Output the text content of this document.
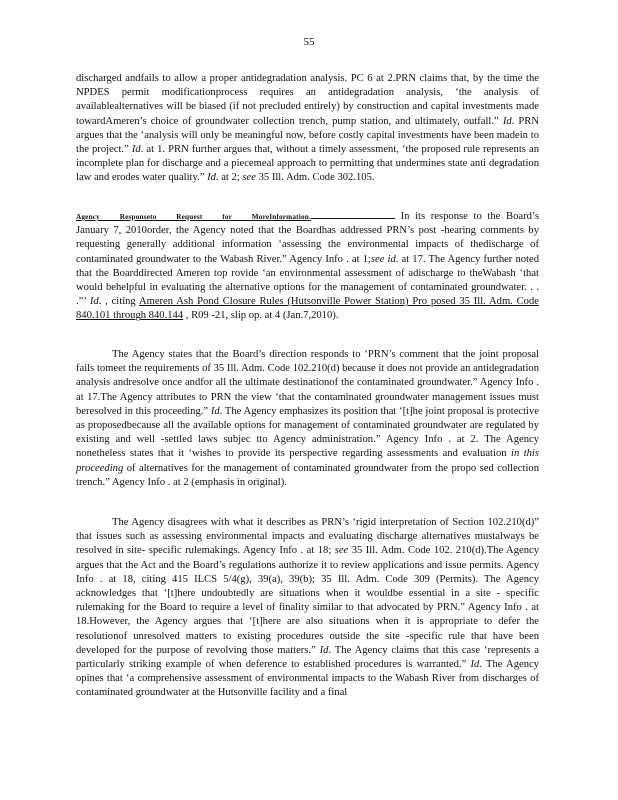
55

discharged andfails to allow a proper antidegradation analysis. PC 6 at 2.PRN claims that, by the time the NPDES permit modificationprocess requires an antidegradation analysis, ‘the analysis of availablealternatives will be biased (if not precluded entirely) by construction and capital investments made towardAmeren’s choice of groundwater collection trench, pump station, and ultimately, outfall.” Id. PRN argues that the ‘analysis will only be meaningful now, before costly capital investments have been madein to the project.” Id. at 1. PRN further argues that, without a timely assessment, ‘the proposed rule represents an incomplete plan for discharge and a piecemeal approach to permitting that undermines state anti degradation law and erodes water quality.” Id. at 2; see 35 Ill. Adm. Code 302.105.

Agency   Responseto   Request   for   MoreInformation.	In its response to the Board’s January 7, 2010order, the Agency noted that the Boardhas addressed PRN’s post -hearing comments by requesting generally additional information ‘assessing the environmental impacts of thedischarge of contaminated groundwater to the Wabash River.” Agency Info . at 1;see id. at 17. The Agency further noted that the Boarddirected Ameren top rovide ‘an environmental assessment of adischarge to theWabash ‘that would behelpful in evaluating the alternative options for the management of contaminated groundwater. . . .”’ Id. , citing Ameren Ash Pond Closure Rules (Hutsonville Power Station) Pro posed 35 Ill. Adm. Code 840.101 through 840.144 , R09 -21, slip op. at 4 (Jan.7,2010).

The Agency states that the Board’s direction responds to ‘PRN’s comment that the joint proposal fails tomeet the requirements of 35 Ill. Adm. Code 102.210(d) because it does not provide an antidegradation analysis andresolve once andfor all the ultimate destinationof the contaminated groundwater.” Agency Info . at 17.The Agency attributes to PRN the view ‘that the contaminated groundwater management issues must beresolved in this proceeding.” Id. The Agency emphasizes its position that ‘[t]he joint proposal is protective as proposedbecause all the available options for management of contaminated groundwater are regulated by existing and well -settled laws subjec tto Agency administration.” Agency Info . at 2. The Agency nonetheless states that it ‘wishes to provide its perspective regarding assessments and evaluation in this proceeding of alternatives for the management of contaminated groundwater from the propo sed collection trench.” Agency Info . at 2 (emphasis in original).

The Agency disagrees with what it describes as PRN’s ‘rigid interpretation of Section 102.210(d)” that issues such as assessing environmental impacts and evaluating discharge alternatives mustalways be resolved in site- specific rulemakings. Agency Info . at 18; see 35 Ill. Adm. Code 102. 210(d).The Agency argues that the Act and the Board’s regulations authorize it to review applications and issue permits. Agency Info . at 18, citing 415 ILCS 5/4(g), 39(a), 39(b); 35 Ill. Adm. Code 309 (Permits). The Agency acknowledges that ‘[t]here undoubtedly are situations when it wouldbe essential in a site - specific rulemaking for the Board to require a level of finality similar to that advocated by PRN.” Agency Info . at 18.However, the Agency argues that ‘[t]here are also situations when it is appropriate to defer the resolutionof unresolved matters to existing procedures outside the site -specific rule that have been developed for the purpose of revolving those matters.” Id. The Agency claims that this case ‘represents a particularly striking example of when deference to established procedures is warranted.” Id. The Agency opines that ‘a comprehensive assessment of environmental impacts to the Wabash River from discharges of contaminated groundwater at the Hutsonville facility and a final
